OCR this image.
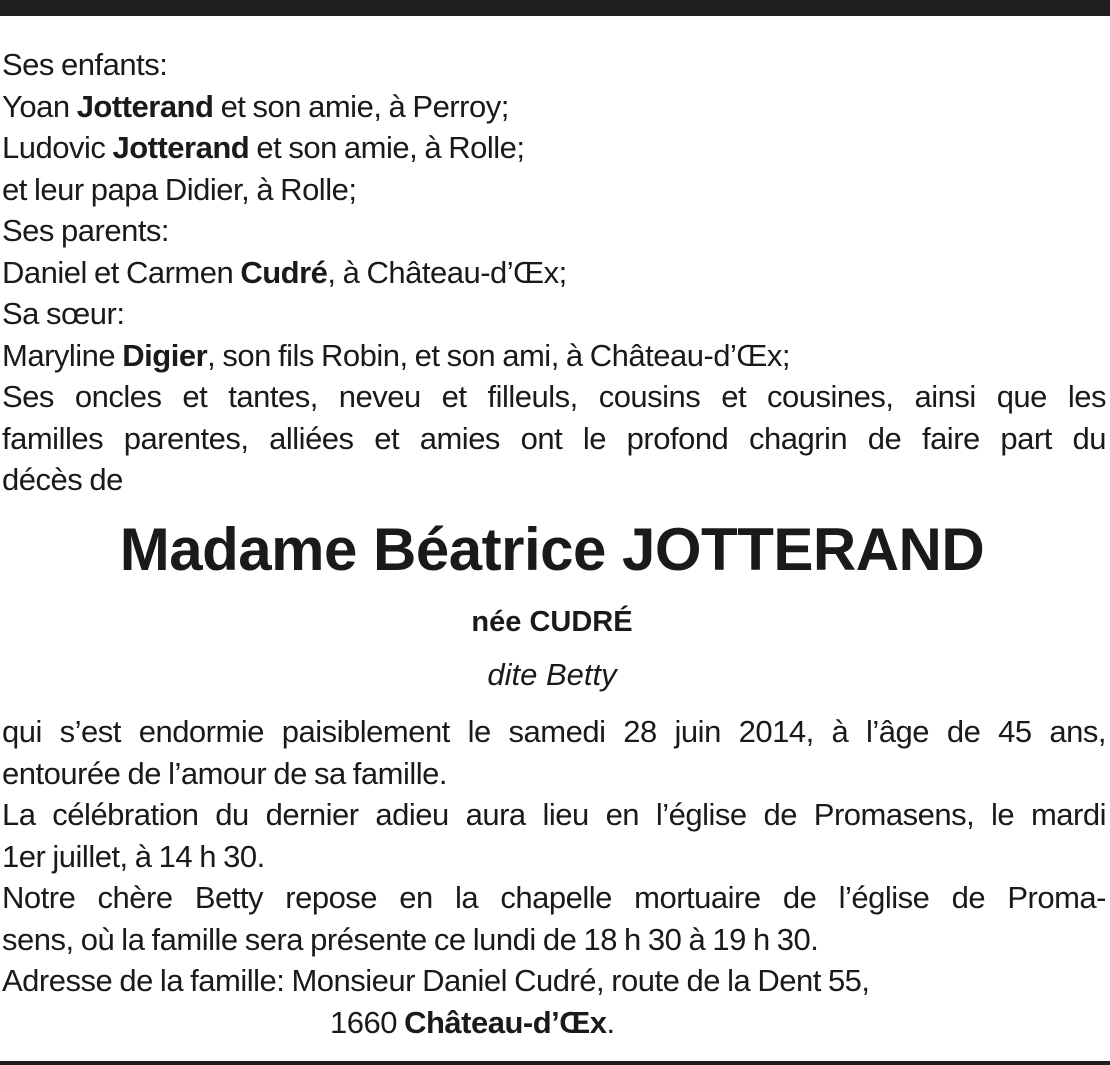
Ses enfants:
Yoan Jotterand et son amie, à Perroy;
Ludovic Jotterand et son amie, à Rolle;
et leur papa Didier, à Rolle;
Ses parents:
Daniel et Carmen Cudré, à Château-d’Œx;
Sa sœur:
Maryline Digier, son fils Robin, et son ami, à Château-d’Œx;
Ses oncles et tantes, neveu et filleuls, cousins et cousines, ainsi que les
familles parentes, alliées et amies ont le profond chagrin de faire part du
décès de
Madame Béatrice JOTTERAND
née CUDRÉ
dite Betty
qui s’est endormie paisiblement le samedi 28 juin 2014, à l’âge de 45 ans,
entourée de l’amour de sa famille.
La célébration du dernier adieu aura lieu en l’église de Promasens, le mardi
1er juillet, à 14 h 30.
Notre chère Betty repose en la chapelle mortuaire de l’église de Proma-
sens, où la famille sera présente ce lundi de 18 h 30 à 19 h 30.
Adresse de la famille: Monsieur Daniel Cudré, route de la Dent 55,
1660 Château-d’Œx.
